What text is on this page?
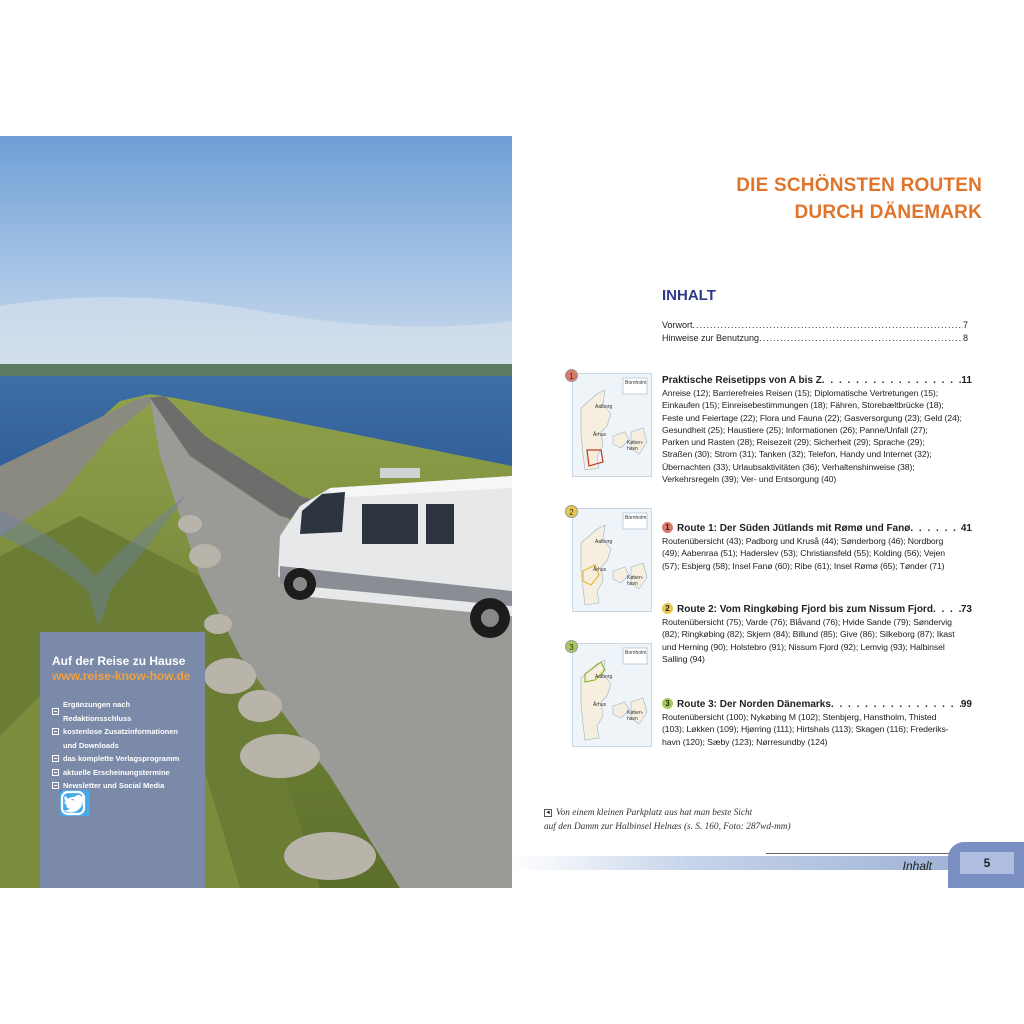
Auf der Reise zu Hause
www.reise-know-how.de
Ergänzungen nach Redaktionsschluss
kostenlose Zusatzinformationen
und Downloads
das komplette Verlagsprogramm
aktuelle Erscheinungstermine
Newsletter und Social Media
DIE SCHÖNSTEN ROUTEN
DURCH DÄNEMARK
INHALT
Vorwort .....	7
Hinweise zur Benutzung .....	8
Bornholm
Aalborg
Århus
Køben-
havn
1
Bornholm
Aalborg
Århus
Køben-
havn
2
Bornholm
Aalborg
Århus
Køben-
havn
3
Praktische Reisetipps von A bis Z . . .	11

Anreise (12); Barrierefreies Reisen (15); Diplomatische Vertretungen (15);

Einkaufen (15); Einreisebestimmungen (18); Fähren, Storebæltbrücke (18);

Feste und Feiertage (22); Flora und Fauna (22); Gasversorgung (23); Geld (24);

Gesundheit (25); Haustiere (25); Informationen (26); Panne/Unfall (27);

Parken und Rasten (28); Reisezeit (29); Sicherheit (29); Sprache (29);

Straßen (30); Strom (31); Tanken (32); Telefon, Handy und Internet (32);

Übernachten (33); Urlaubsaktivitäten (36); Verhaltenshinweise (38);

Verkehrsregeln (39); Ver- und Entsorgung (40)

1 Route 1: Der Süden Jütlands mit Rømø und Fanø . . .	41

Routenübersicht (43); Padborg und Kruså (44); Sønderborg (46); Nordborg

(49); Aabenraa (51); Haderslev (53); Christiansfeld (55); Kolding (56); Vejen

(57); Esbjerg (58); Insel Fanø (60); Ribe (61); Insel Rømø (65); Tønder (71)

2 Route 2: Vom Ringkøbing Fjord bis zum Nissum Fjord . . .	73

Routenübersicht (75); Varde (76); Blåvand (76); Hvide Sande (79); Søndervig

(82); Ringkøbing (82); Skjern (84); Billund (85); Give (86); Silkeborg (87); Ikast

und Herning (90); Holstebro (91); Nissum Fjord (92); Lemvig (93); Halbinsel

Salling (94)

3 Route 3: Der Norden Dänemarks . . .	99

Routenübersicht (100); Nykøbing M (102); Stenbjerg, Hanstholm, Thisted

(103); Løkken (109); Hjørring (111); Hirtshals (113); Skagen (116); Frederiks-

havn (120); Sæby (123); Nørresundby (124)

◄ Von einem kleinen Parkplatz aus hat man beste Sicht
auf den Damm zur Halbinsel Helnæs (s. S. 160, Foto: 287wd-mm)
Inhalt	5
